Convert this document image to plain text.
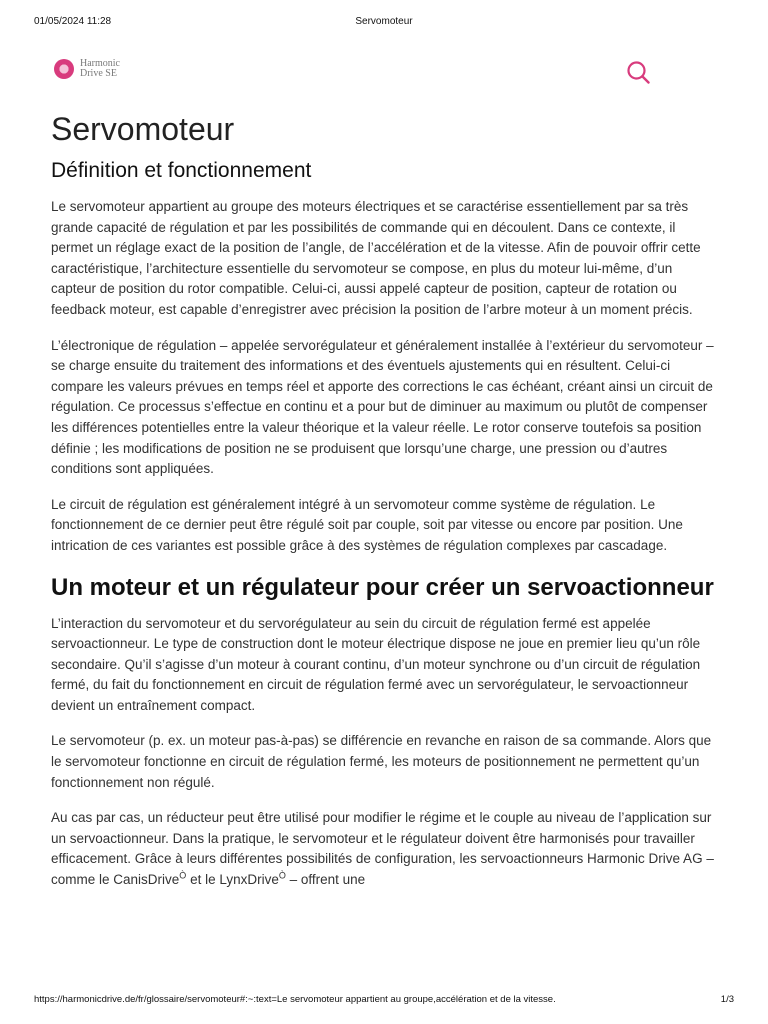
01/05/2024 11:28	Servomoteur
Harmonic
Drive SE
Servomoteur
Définition et fonctionnement

Le servomoteur appartient au groupe des moteurs électriques et se caractérise essentiellement par sa très grande capacité de régulation et par les possibilités de commande qui en découlent. Dans ce contexte, il permet un réglage exact de la position de l’angle, de l’accélération et de la vitesse. Afin de pouvoir offrir cette caractéristique, l’architecture essentielle du servomoteur se compose, en plus du moteur lui-même, d’un capteur de position du rotor compatible. Celui-ci, aussi appelé capteur de position, capteur de rotation ou feedback moteur, est capable d’enregistrer avec précision la position de l’arbre moteur à un moment précis.

L’électronique de régulation – appelée servorégulateur et généralement installée à l’extérieur du servomoteur – se charge ensuite du traitement des informations et des éventuels ajustements qui en résultent. Celui-ci compare les valeurs prévues en temps réel et apporte des corrections le cas échéant, créant ainsi un circuit de régulation. Ce processus s’effectue en continu et a pour but de diminuer au maximum ou plutôt de compenser les différences potentielles entre la valeur théorique et la valeur réelle. Le rotor conserve toutefois sa position définie ; les modifications de position ne se produisent que lorsqu’une charge, une pression ou d’autres conditions sont appliquées.

Le circuit de régulation est généralement intégré à un servomoteur comme système de régulation. Le fonctionnement de ce dernier peut être régulé soit par couple, soit par vitesse ou encore par position. Une intrication de ces variantes est possible grâce à des systèmes de régulation complexes par cascadage.

Un moteur et un régulateur pour créer un servoactionneur

L’interaction du servomoteur et du servorégulateur au sein du circuit de régulation fermé est appelée servoactionneur. Le type de construction dont le moteur électrique dispose ne joue en premier lieu qu’un rôle secondaire. Qu’il s’agisse d’un moteur à courant continu, d’un moteur synchrone ou d’un circuit de régulation fermé, du fait du fonctionnement en circuit de régulation fermé avec un servorégulateur, le servoactionneur devient un entraînement compact.

Le servomoteur (p. ex. un moteur pas-à-pas) se différencie en revanche en raison de sa commande. Alors que le servomoteur fonctionne en circuit de régulation fermé, les moteurs de positionnement ne permettent qu’un fonctionnement non régulé.

Au cas par cas, un réducteur peut être utilisé pour modifier le régime et le couple au niveau de l’application sur un servoactionneur. Dans la pratique, le servomoteur et le régulateur doivent être harmonisés pour travailler efficacement. Grâce à leurs différentes possibilités de configuration, les servoactionneurs Harmonic Drive AG – comme le CanisDrive$^Ò$ et le LynxDrive$^Ò$ – offrent une

https://harmonicdrive.de/fr/glossaire/servomoteur#:~:text=Le servomoteur appartient au groupe,accélération et de la vitesse.	1/3
